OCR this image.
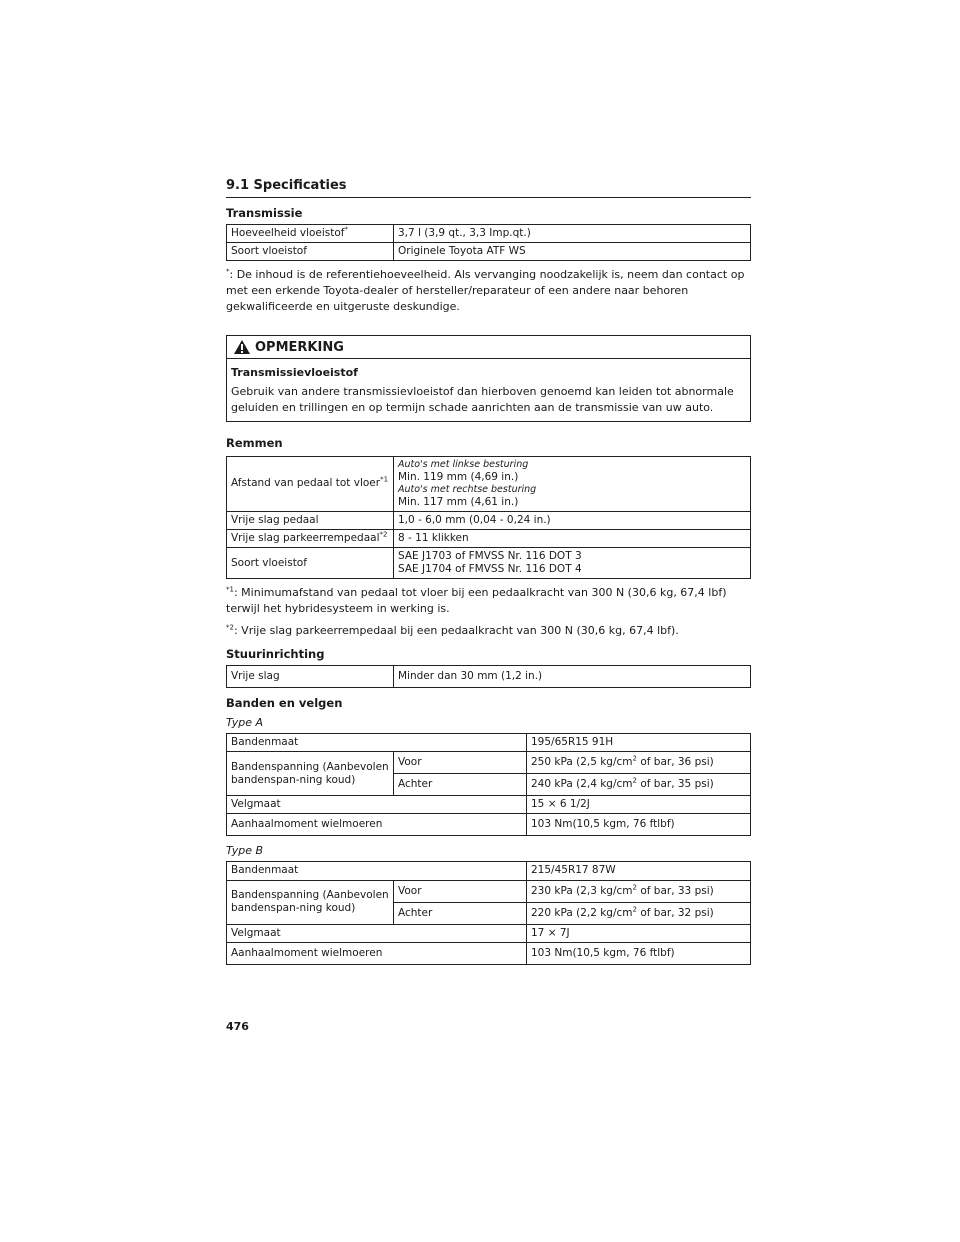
9.1 Specificaties
Transmissie
Hoeveelheid vloeistof*	3,7 l (3,9 qt., 3,3 Imp.qt.)
Soort vloeistof	Originele Toyota ATF WS

*: De inhoud is de referentiehoeveelheid. Als vervanging noodzakelijk is, neem dan contact op met een erkende Toyota-dealer of hersteller/reparateur of een andere naar behoren gekwalificeerde en uitgeruste deskundige.

OPMERKING
Transmissievloeistof
Gebruik van andere transmissievloeistof dan hierboven genoemd kan leiden tot abnormale geluiden en trillingen en op termijn schade aanrichten aan de transmissie van uw auto.
Remmen
Afstand van pedaal tot vloer$^{*1}$	Auto's met linkse besturing
Min. 119 mm (4,69 in.)
Auto's met rechtse besturing
Min. 117 mm (4,61 in.)

Vrije slag pedaal	1,0 - 6,0 mm (0,04 - 0,24 in.)
Vrije slag parkeerrempedaal$^{*2}$	8 - 11 klikken
Soort vloeistof	SAE J1703 of FMVSS Nr. 116 DOT 3
SAE J1704 of FMVSS Nr. 116 DOT 4

$^{*1}$: Minimumafstand van pedaal tot vloer bij een pedaalkracht van 300 N (30,6 kg, 67,4 lbf) terwijl het hybridesysteem in werking is.

$^{*2}$: Vrije slag parkeerrempedaal bij een pedaalkracht van 300 N (30,6 kg, 67,4 lbf).

Stuurinrichting
Vrije slag	Minder dan 30 mm (1,2 in.)
Banden en velgen
Type A
Bandenmaat		195/65R15 91H
Bandenspanning (Aanbevolen bandenspan-ning koud)	Voor	250 kPa (2,5 $kg/cm^2$ of bar, 36 psi)
	Achter	240 kPa (2,4 $kg/cm^2$ of bar, 35 psi)
Velgmaat		15 × 6 1/2J
Aanhaalmoment wielmoeren		103 Nm(10,5 kgm, 76 ftlbf)
Type B
Bandenmaat		215/45R17 87W
Bandenspanning (Aanbevolen bandenspan-ning koud)	Voor	230 kPa (2,3 $kg/cm^2$ of bar, 33 psi)
	Achter	220 kPa (2,2 $kg/cm^2$ of bar, 32 psi)
Velgmaat		17 × 7J
Aanhaalmoment wielmoeren		103 Nm(10,5 kgm, 76 ftlbf)
476
